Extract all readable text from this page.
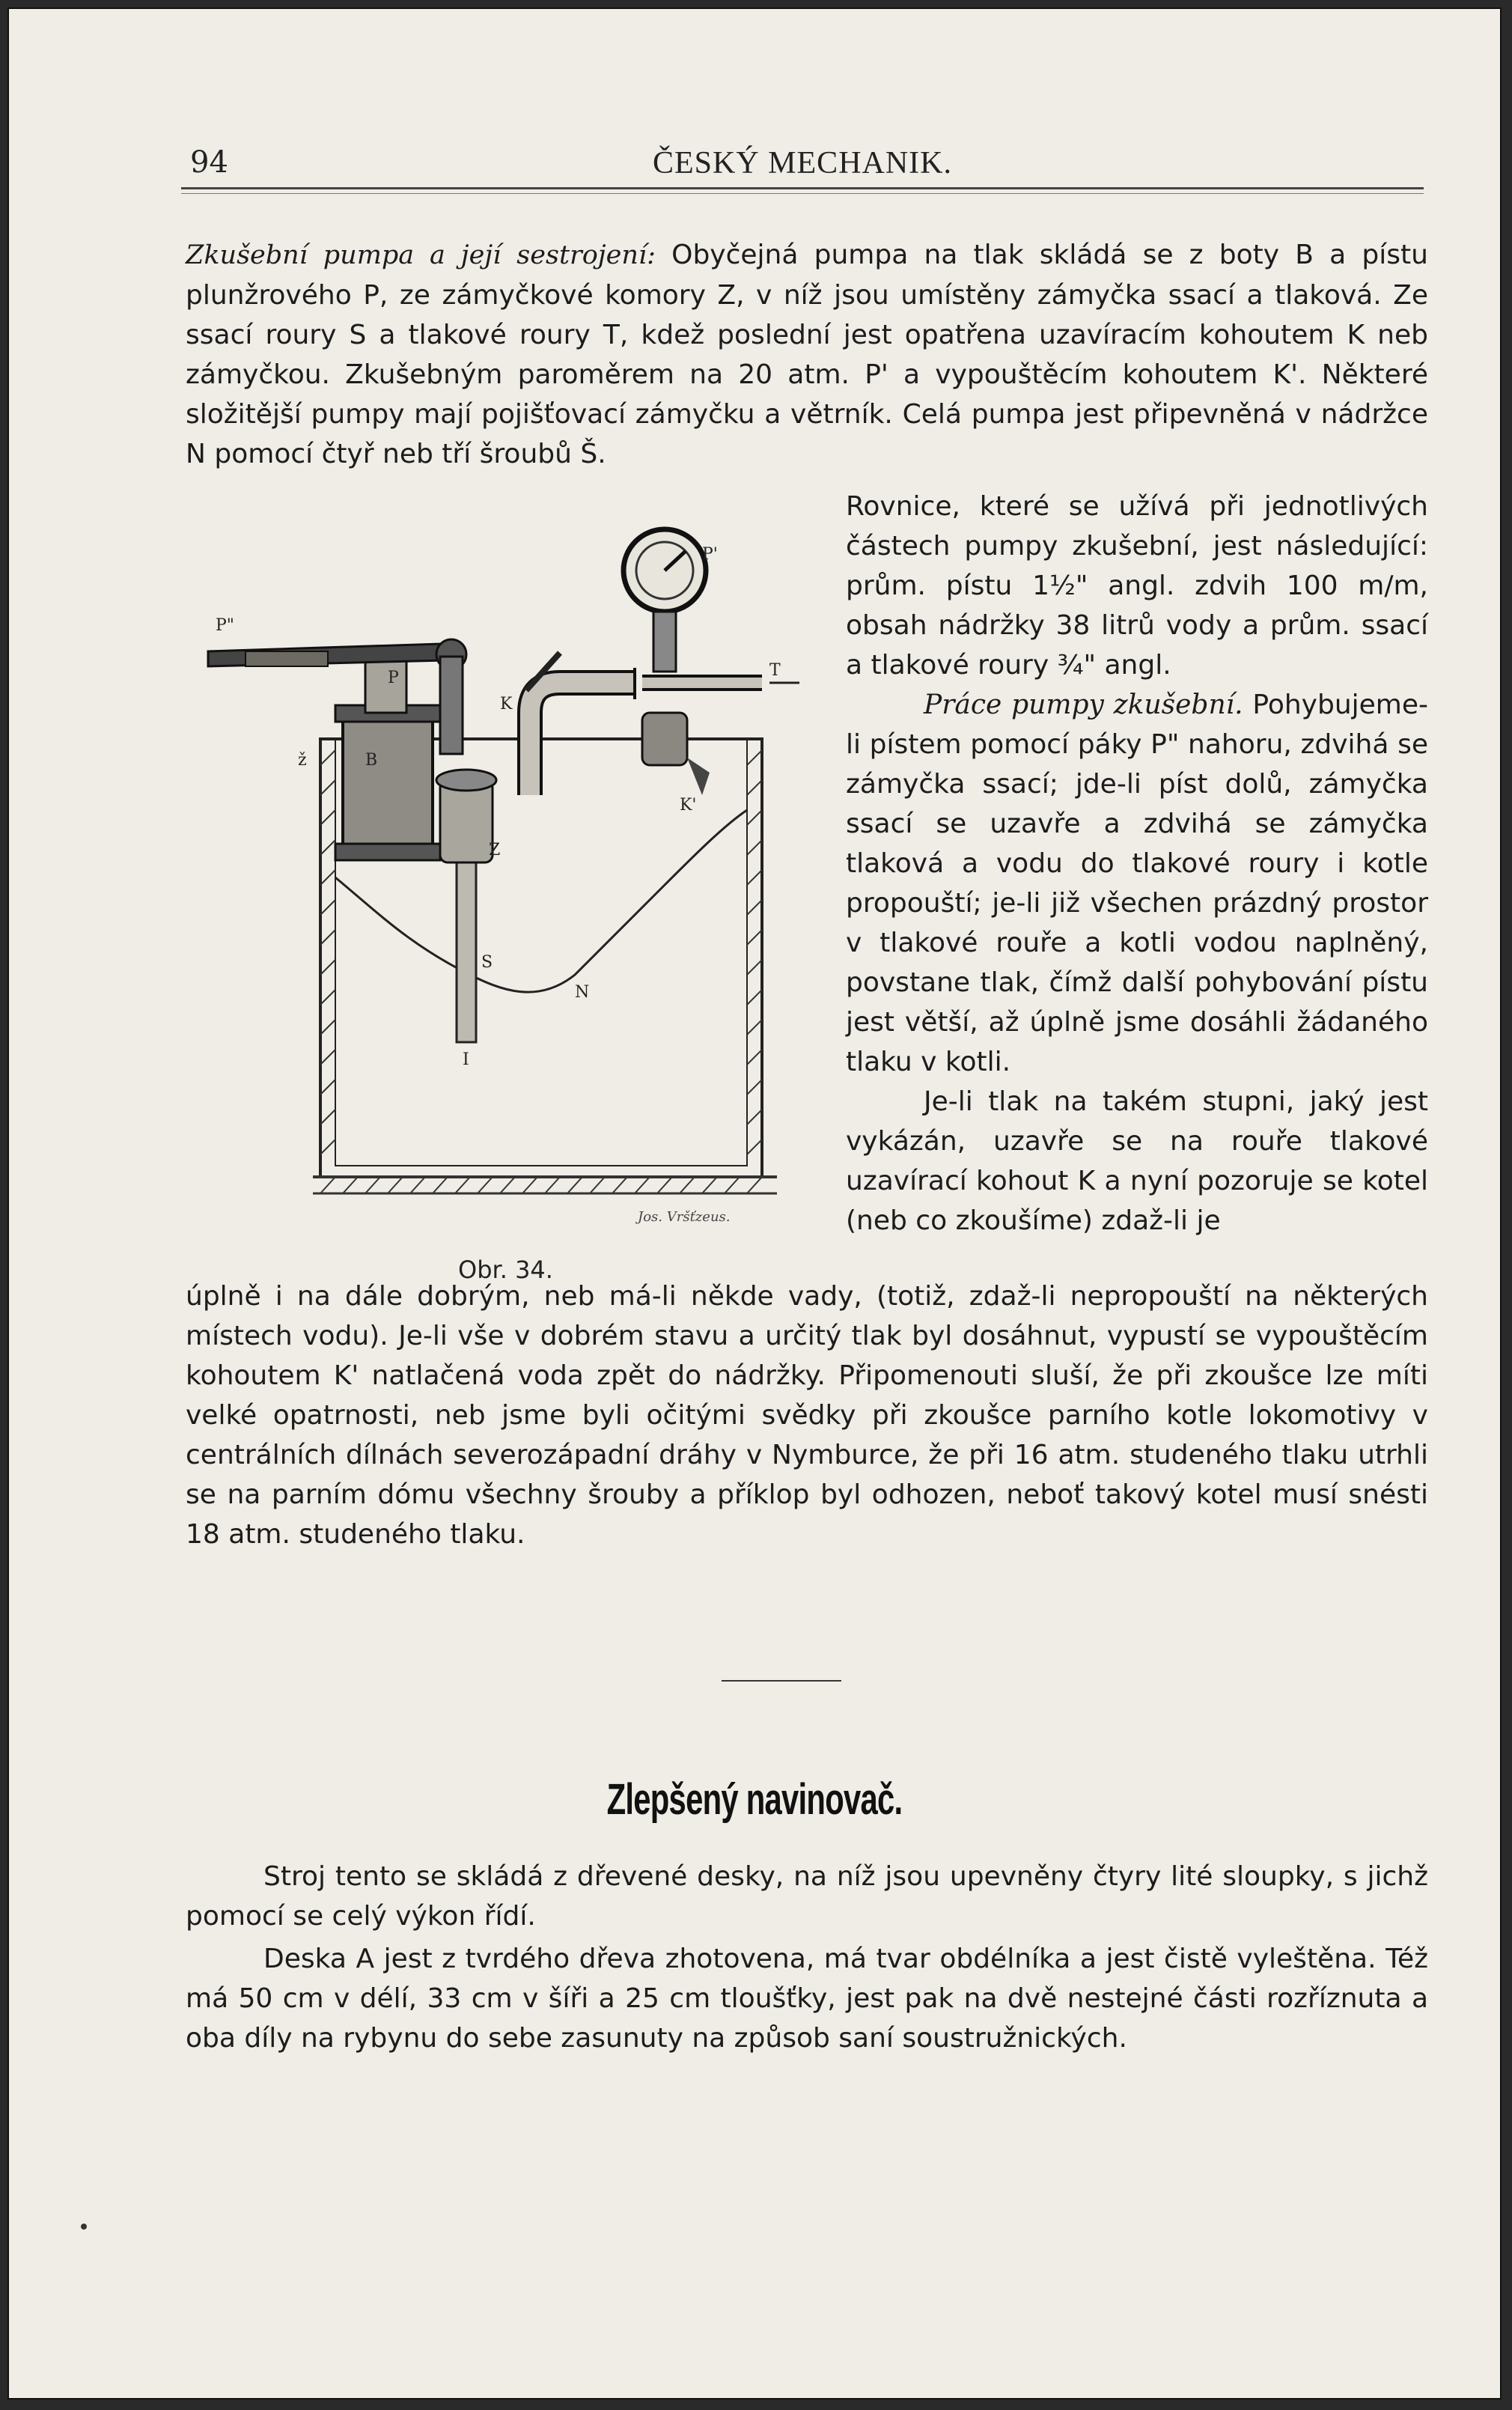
94	ČESKÝ MECHANIK.

Zkušební pumpa a její sestrojení: Obyčejná pumpa na tlak skládá se z boty B a pístu plunžrového P, ze zámyčkové komory Z, v níž jsou umístěny zámyčka ssací a tlaková. Ze ssací roury S a tlakové roury T, kdež poslední jest opatřena uzavíracím kohoutem K neb zámyčkou. Zkušebným paroměrem na 20 atm. P' a vypouštěcím kohoutem K'. Některé složitější pumpy mají pojišťovací zámyčku a větrník. Celá pumpa jest připevněná v nádržce N pomocí čtyř neb tří šroubů Š.

P"
P'
T
P
K
K'
ž	B
Z
S
N
I
Jos. Vršťzeus.
Obr. 34.

Rovnice, které se užívá při jednotlivých částech pumpy zkušební, jest následující: prům. pístu 1½" angl. zdvih 100 m/m, obsah nádržky 38 litrů vody a prům. ssací a tlakové roury ¾" angl.

Práce pumpy zkušební. Pohybujeme-li pístem pomocí páky P" nahoru, zdvihá se zámyčka ssací; jde-li píst dolů, zámyčka ssací se uzavře a zdvihá se zámyčka tlaková a vodu do tlakové roury i kotle propouští; je-li již všechen prázdný prostor v tlakové rouře a kotli vodou naplněný, povstane tlak, čímž další pohybování pístu jest větší, až úplně jsme dosáhli žádaného tlaku v kotli.

Je-li tlak na takém stupni, jaký jest vykázán, uzavře se na rouře tlakové uzavírací kohout K a nyní pozoruje se kotel (neb co zkoušíme) zdaž-li je

úplně i na dále dobrým, neb má-li někde vady, (totiž, zdaž-li nepropouští na některých místech vodu). Je-li vše v dobrém stavu a určitý tlak byl dosáhnut, vypustí se vypouštěcím kohoutem K' natlačená voda zpět do nádržky. Připomenouti sluší, že při zkoušce lze míti velké opatrnosti, neb jsme byli očitými svědky při zkoušce parního kotle lokomotivy v centrálních dílnách severozápadní dráhy v Nymburce, že při 16 atm. studeného tlaku utrhli se na parním dómu všechny šrouby a příklop byl odhozen, neboť takový kotel musí snésti 18 atm. studeného tlaku.

Zlepšený navinovač.

Stroj tento se skládá z dřevené desky, na níž jsou upevněny čtyry lité sloupky, s jichž pomocí se celý výkon řídí.

Deska A jest z tvrdého dřeva zhotovena, má tvar obdélníka a jest čistě vyleštěna. Též má 50 cm v délí, 33 cm v šíři a 25 cm tloušťky, jest pak na dvě nestejné části rozříznuta a oba díly na rybynu do sebe zasunuty na způsob saní soustružnických.
